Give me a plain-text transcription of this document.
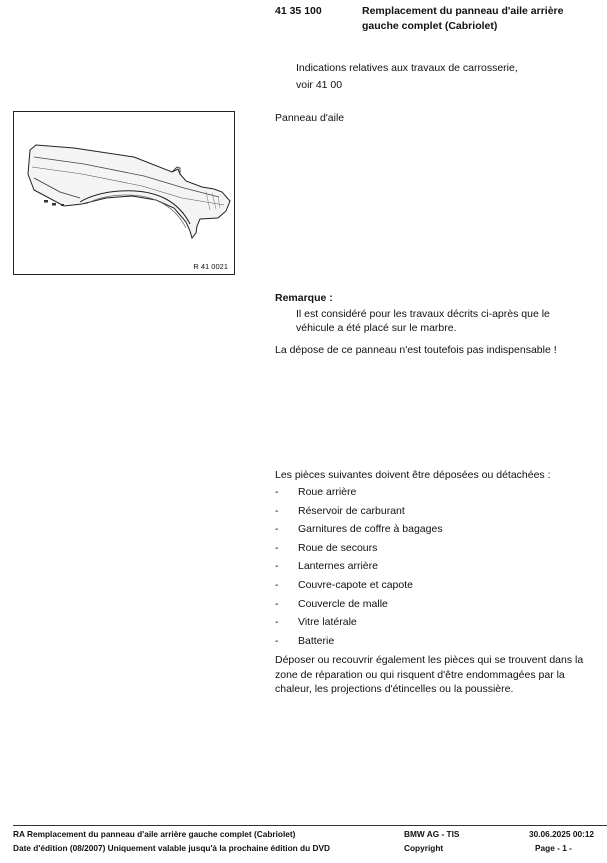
41 35 100	Remplacement du panneau d'aile arrière gauche complet (Cabriolet)
Indications relatives aux travaux de carrosserie,
voir 41 00
R 41 0021
Panneau d'aile
Remarque :
Il est considéré pour les travaux décrits ci-après que le véhicule a été placé sur le marbre.
La dépose de ce panneau n'est toutefois pas indispensable !
Les pièces suivantes doivent être déposées ou détachées :
- Roue arrière
- Réservoir de carburant
- Garnitures de coffre à bagages
- Roue de secours
- Lanternes arrière
- Couvre-capote et capote
- Couvercle de malle
- Vitre latérale
- Batterie
Déposer ou recouvrir également les pièces qui se trouvent dans la zone de réparation ou qui risquent d'être endommagées par la chaleur, les projections d'étincelles ou la poussière.
RA Remplacement du panneau d'aile arrière gauche complet (Cabriolet)
Date d'édition (08/2007) Uniquement valable jusqu'à la prochaine édition du DVD
BMW AG - TIS
Copyright
30.06.2025 00:12
Page - 1 -
